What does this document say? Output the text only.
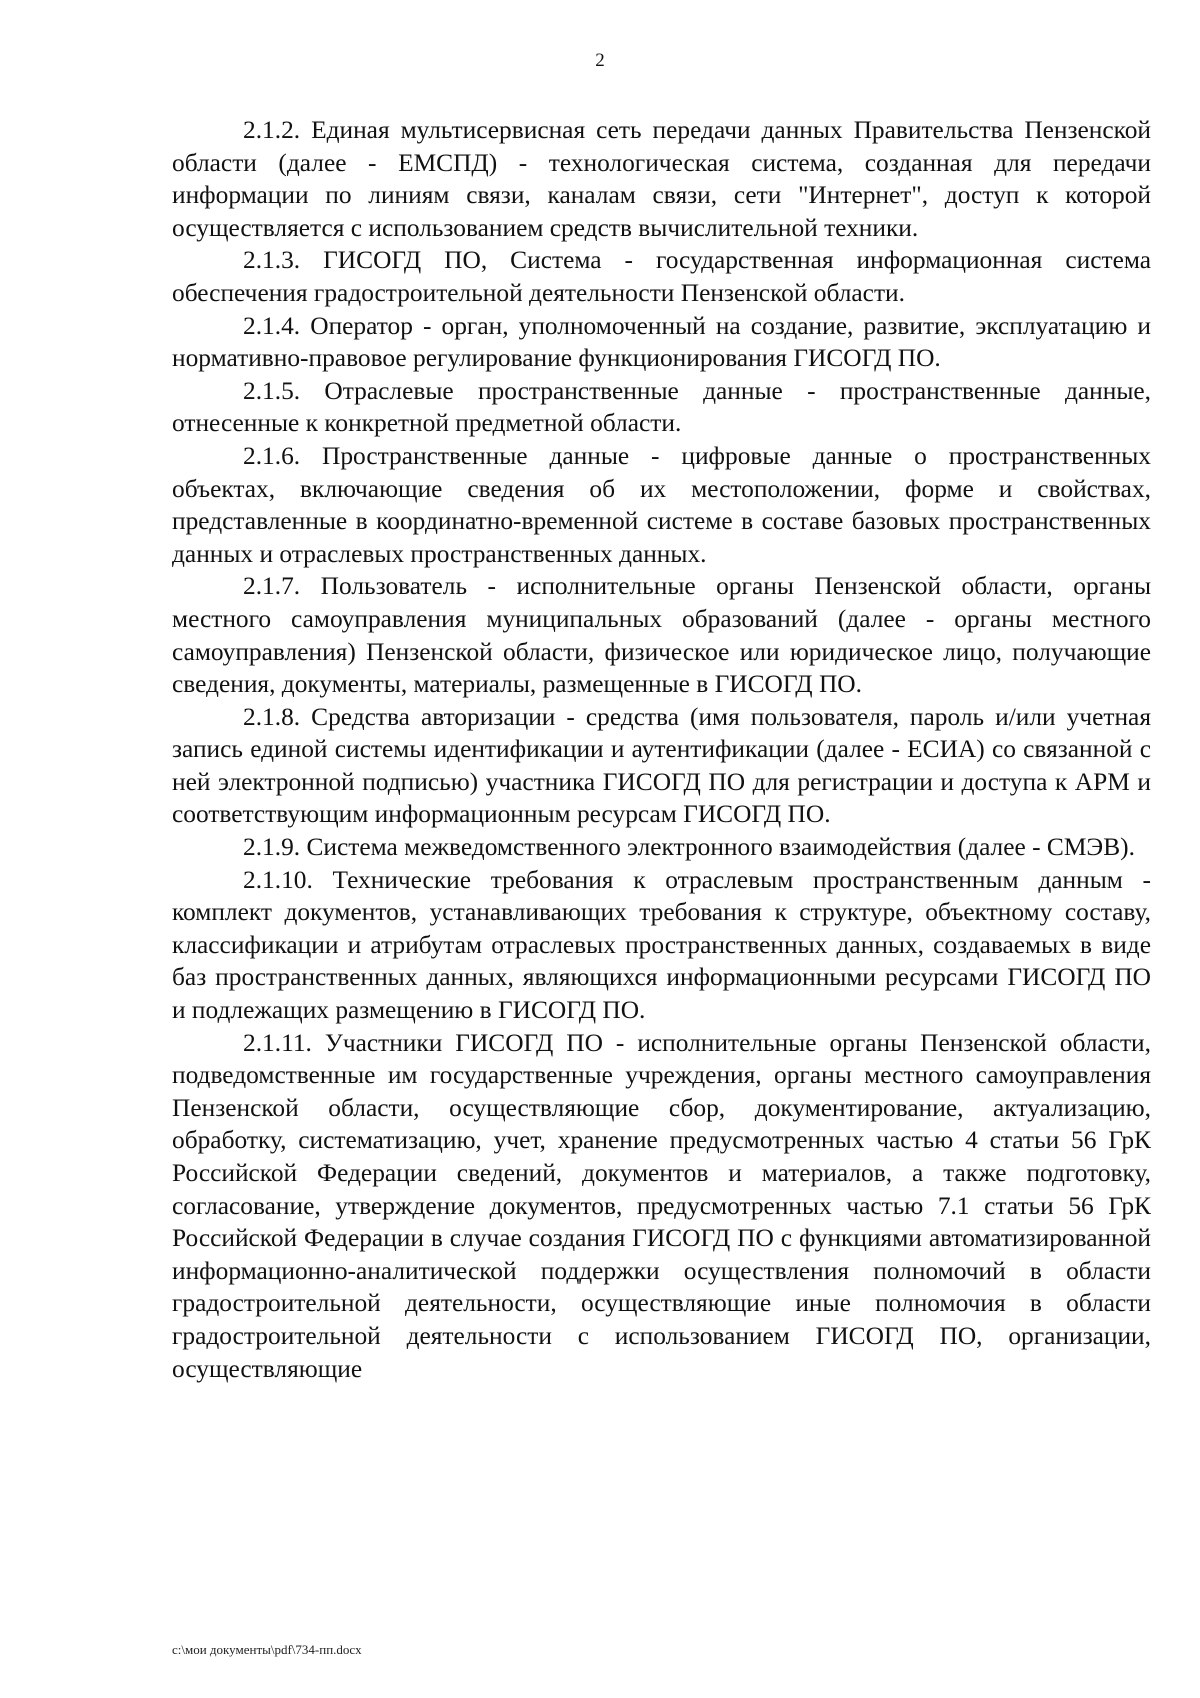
2

2.1.2. Единая мультисервисная сеть передачи данных Правительства Пензенской области (далее - ЕМСПД) - технологическая система, созданная для передачи информации по линиям связи, каналам связи, сети "Интернет", доступ к которой осуществляется с использованием средств вычислительной техники.

2.1.3. ГИСОГД ПО, Система - государственная информационная система обеспечения градостроительной деятельности Пензенской области.

2.1.4. Оператор - орган, уполномоченный на создание, развитие, эксплуатацию и нормативно-правовое регулирование функционирования ГИСОГД ПО.

2.1.5. Отраслевые пространственные данные - пространственные данные, отнесенные к конкретной предметной области.

2.1.6. Пространственные данные - цифровые данные о пространственных объектах, включающие сведения об их местоположении, форме и свойствах, представленные в координатно-временной системе в составе базовых пространственных данных и отраслевых пространственных данных.

2.1.7. Пользователь - исполнительные органы Пензенской области, органы местного самоуправления муниципальных образований (далее - органы местного самоуправления) Пензенской области, физическое или юридическое лицо, получающие сведения, документы, материалы, размещенные в ГИСОГД ПО.

2.1.8. Средства авторизации - средства (имя пользователя, пароль и/или учетная запись единой системы идентификации и аутентификации (далее - ЕСИА) со связанной с ней электронной подписью) участника ГИСОГД ПО для регистрации и доступа к АРМ и соответствующим информационным ресурсам ГИСОГД ПО.

2.1.9. Система межведомственного электронного взаимодействия (далее - СМЭВ).

2.1.10. Технические требования к отраслевым пространственным данным - комплект документов, устанавливающих требования к структуре, объектному составу, классификации и атрибутам отраслевых пространственных данных, создаваемых в виде баз пространственных данных, являющихся информационными ресурсами ГИСОГД ПО и подлежащих размещению в ГИСОГД ПО.

2.1.11. Участники ГИСОГД ПО - исполнительные органы Пензенской области, подведомственные им государственные учреждения, органы местного самоуправления Пензенской области, осуществляющие сбор, документирование, актуализацию, обработку, систематизацию, учет, хранение предусмотренных частью 4 статьи 56 ГрК Российской Федерации сведений, документов и материалов, а также подготовку, согласование, утверждение документов, предусмотренных частью 7.1 статьи 56 ГрК Российской Федерации в случае создания ГИСОГД ПО с функциями автоматизированной информационно-аналитической поддержки осуществления полномочий в области градостроительной деятельности, осуществляющие иные полномочия в области градостроительной деятельности с использованием ГИСОГД ПО, организации, осуществляющие

c:\мои документы\pdf\734-пп.docx
